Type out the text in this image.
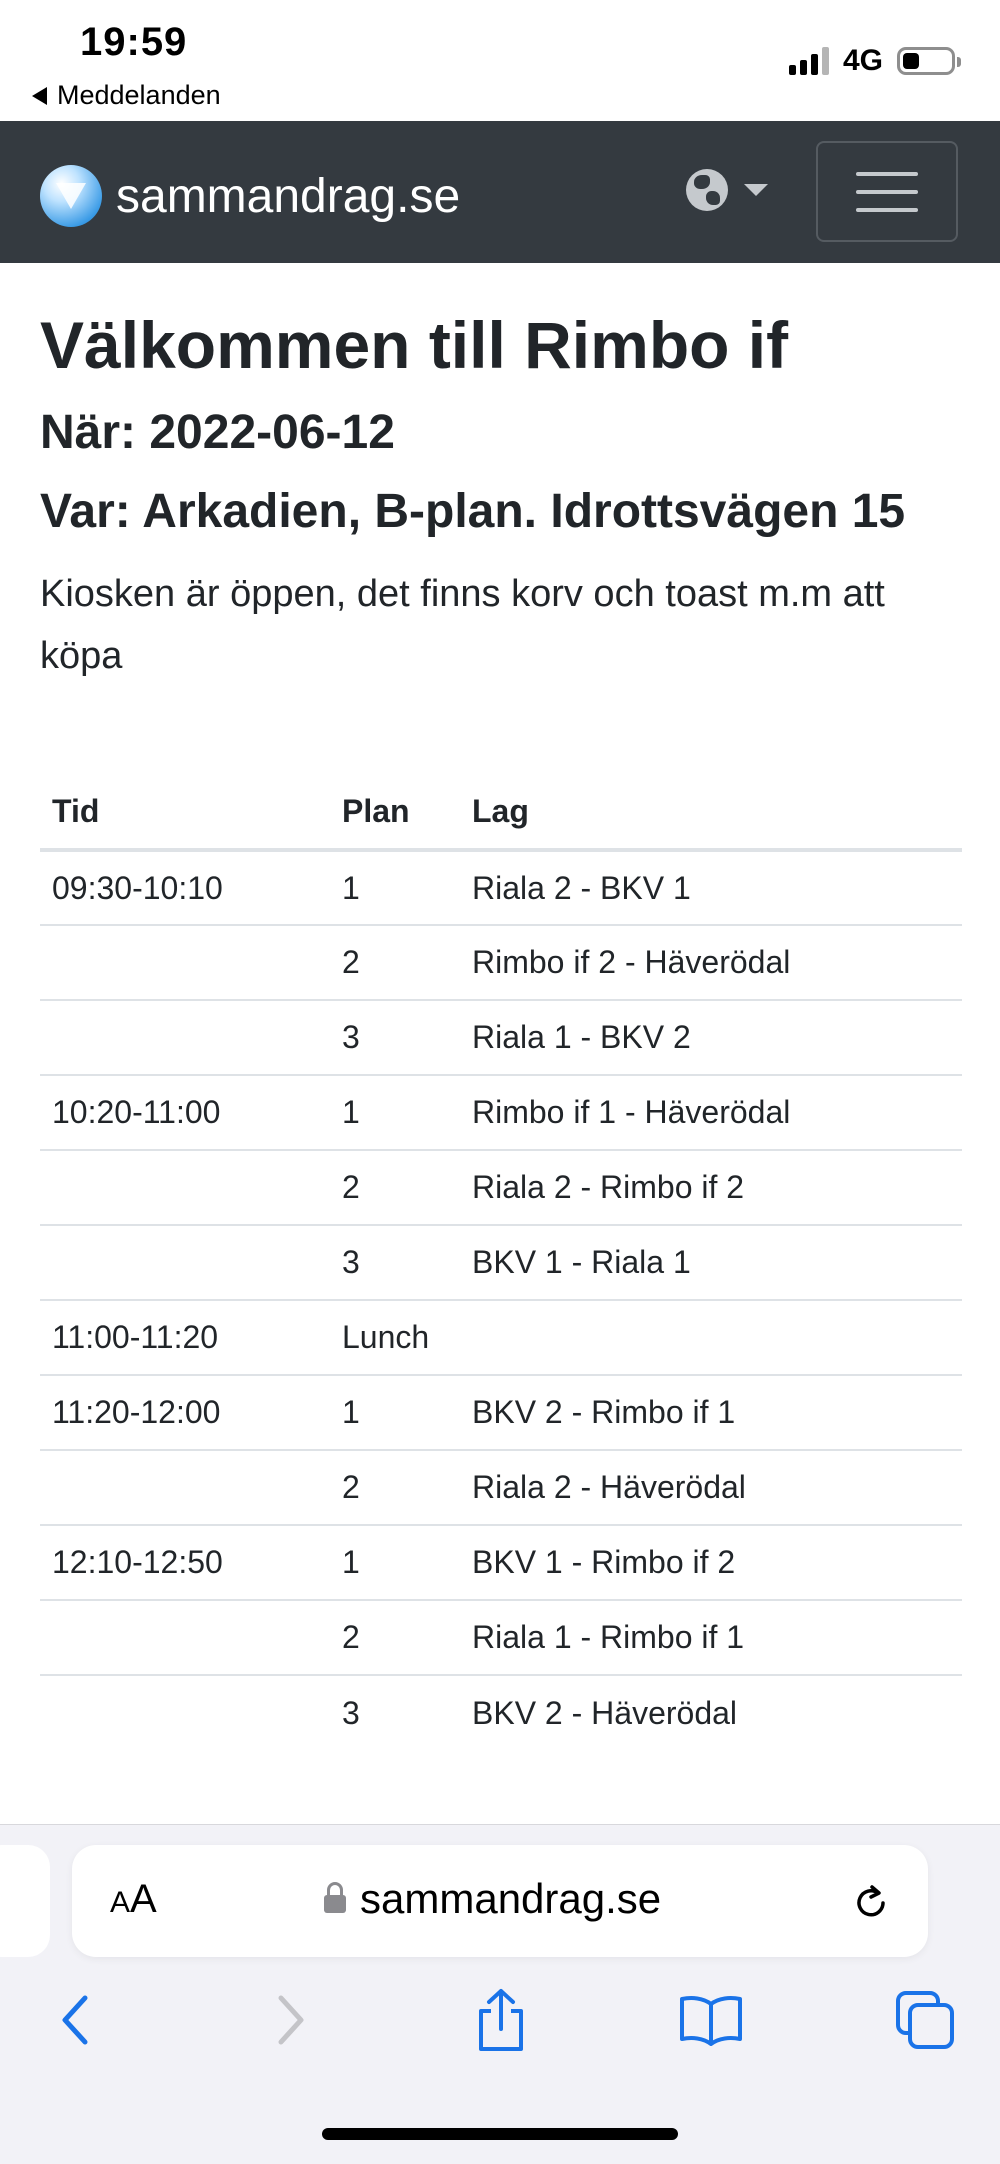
19:59
Meddelanden
4G
sammandrag.se
Välkommen till Rimbo if
När: 2022-06-12
Var: Arkadien, B-plan. Idrottsvägen 15

Kiosken är öppen, det finns korv och toast m.m att köpa

Tid	Plan	Lag
09:30-10:10	1	Riala 2 - BKV 1
	2	Rimbo if 2 - Häverödal
	3	Riala 1 - BKV 2
10:20-11:00	1	Rimbo if 1 - Häverödal
	2	Riala 2 - Rimbo if 2
	3	BKV 1 - Riala 1
11:00-11:20	Lunch	
11:20-12:00	1	BKV 2 - Rimbo if 1
	2	Riala 2 - Häverödal
12:10-12:50	1	BKV 1 - Rimbo if 2
	2	Riala 1 - Rimbo if 1
	3	BKV 2 - Häverödal
AA	sammandrag.se
